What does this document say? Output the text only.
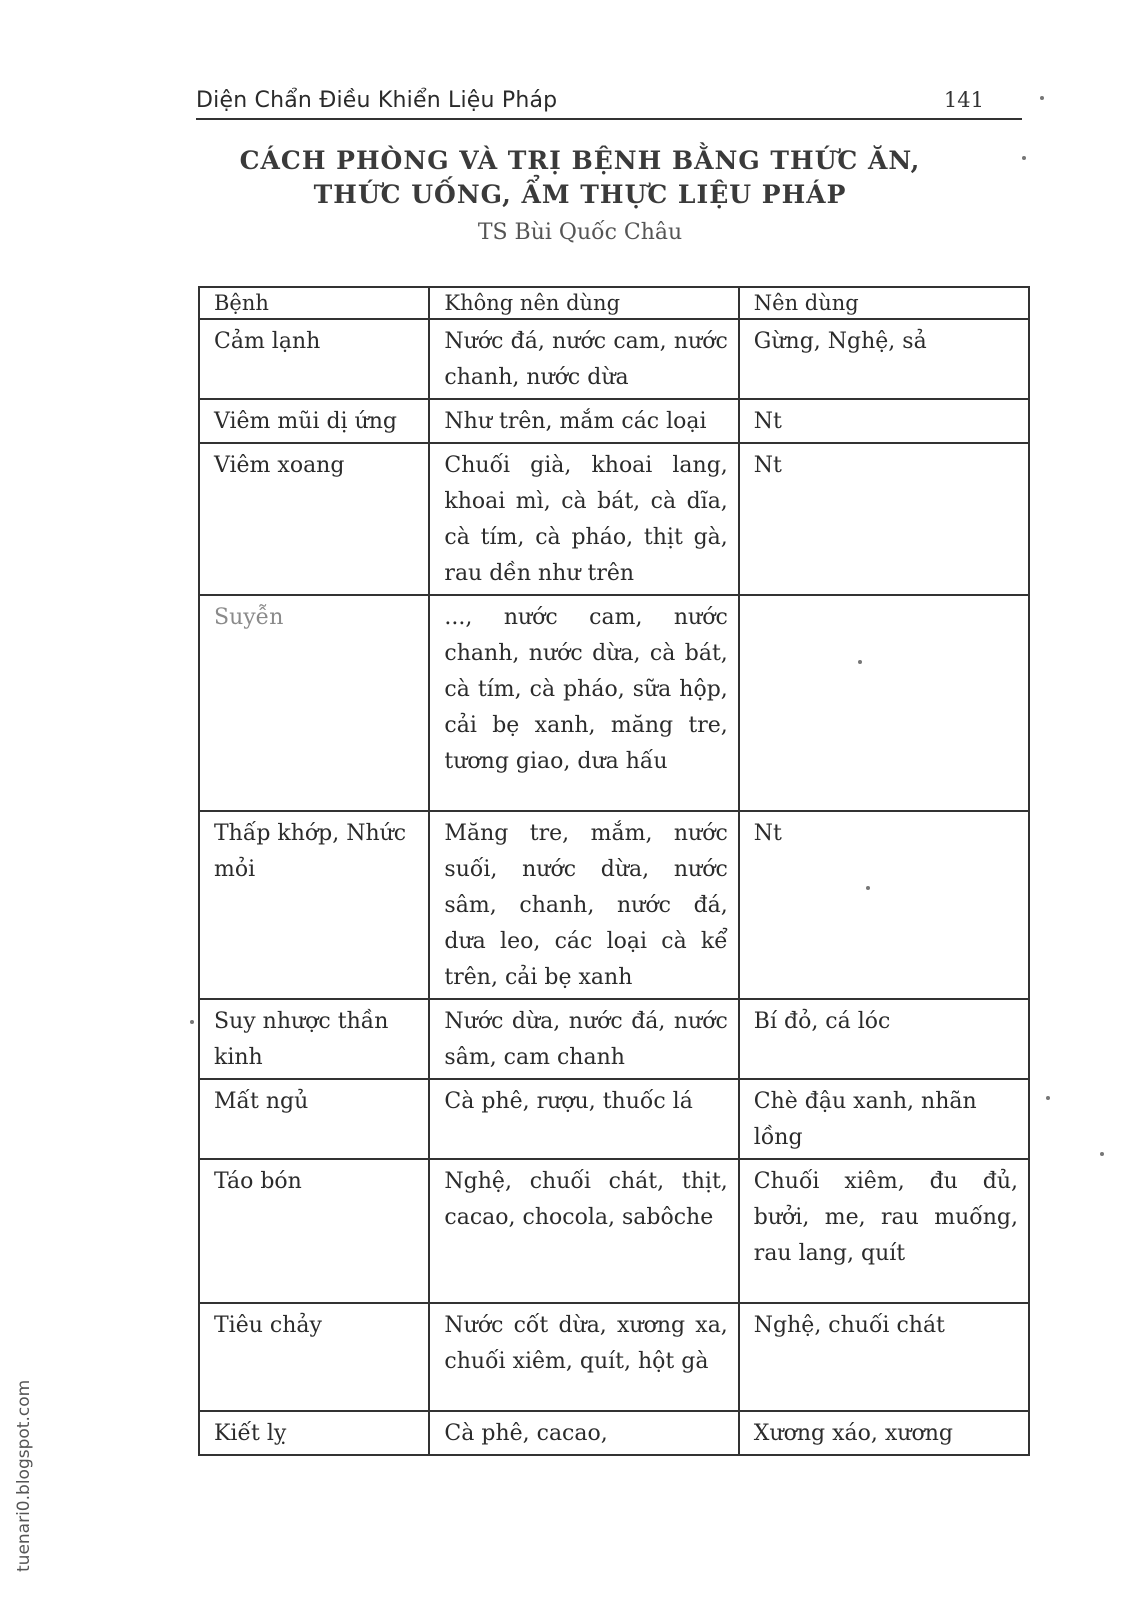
Diện Chẩn Điều Khiển Liệu Pháp	141
CÁCH PHÒNG VÀ TRỊ BỆNH BẰNG THỨC ĂN,
THỨC UỐNG, ẨM THỰC LIỆU PHÁP
TS Bùi Quốc Châu
Bệnh	Không nên dùng	Nên dùng
Cảm lạnh	Nước đá, nước cam, nước chanh, nước dừa	Gừng, Nghệ, sả
Viêm mũi dị ứng	Như trên, mắm các loại	Nt
Viêm xoang	Chuối già, khoai lang, khoai mì, cà bát, cà dĩa, cà tím, cà pháo, thịt gà, rau dền như trên	Nt
Suyễn	..., nước cam, nước chanh, nước dừa, cà bát, cà tím, cà pháo, sữa hộp, cải bẹ xanh, măng tre, tương giao, dưa hấu	
Thấp khớp, Nhức mỏi	Măng tre, mắm, nước suối, nước dừa, nước sâm, chanh, nước đá, dưa leo, các loại cà kể trên, cải bẹ xanh	Nt
Suy nhược thần kinh	Nước dừa, nước đá, nước sâm, cam chanh	Bí đỏ, cá lóc
Mất ngủ	Cà phê, rượu, thuốc lá	Chè đậu xanh, nhãn lồng
Táo bón	Nghệ, chuối chát, thịt, cacao, chocola, sabôche	Chuối xiêm, đu đủ, bưởi, me, rau muống, rau lang, quít
Tiêu chảy	Nước cốt dừa, xương xa, chuối xiêm, quít, hột gà	Nghệ, chuối chát
Kiết lỵ	Cà phê, cacao,	Xương xáo, xương
tuenari0.blogspot.com
